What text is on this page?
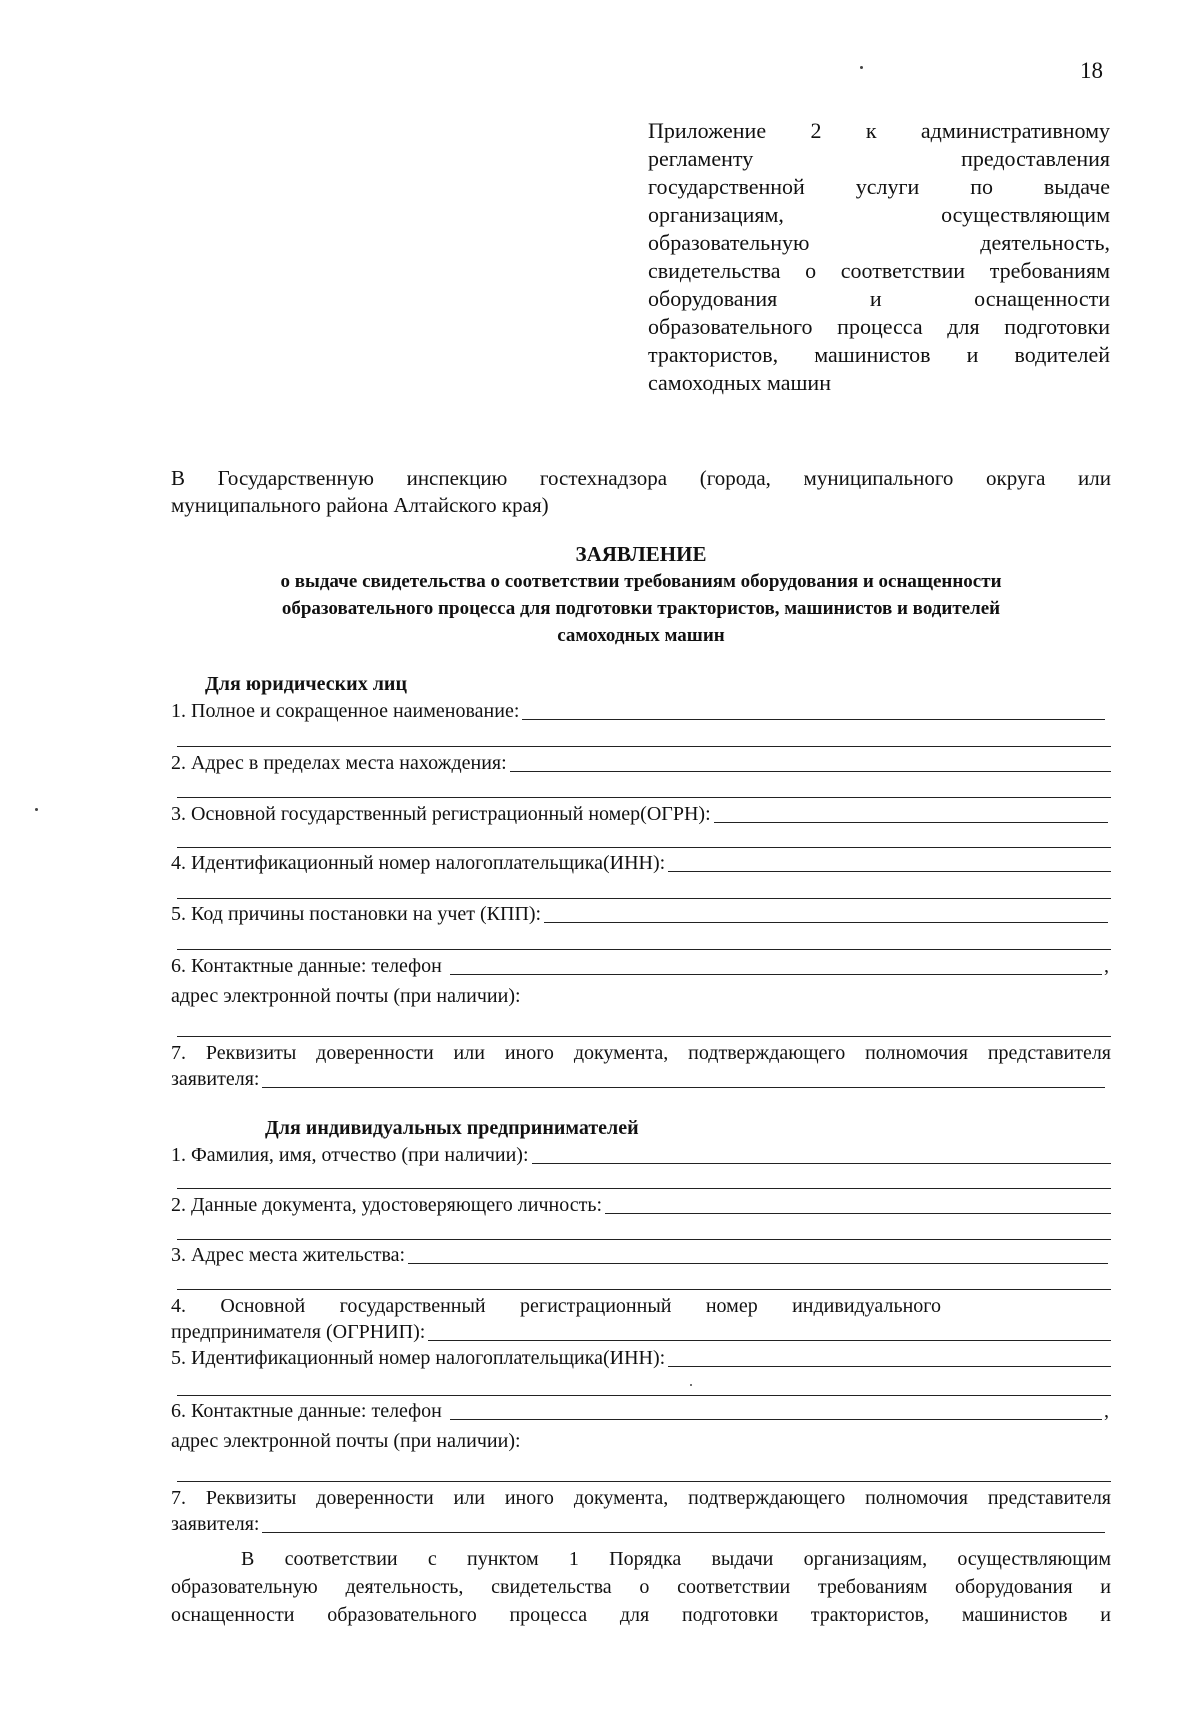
18
Приложение 2 к административному
регламенту предоставления
государственной услуги по выдаче
организациям, осуществляющим
образовательную деятельность,
свидетельства о соответствии требованиям
оборудования и оснащенности
образовательного процесса для подготовки
трактористов, машинистов и водителей
самоходных машин
В Государственную инспекцию гостехнадзора (города, муниципального округа или
муниципального района Алтайского края)
ЗАЯВЛЕНИЕ
о выдаче свидетельства о соответствии требованиям оборудования и оснащенности
образовательного процесса для подготовки трактористов, машинистов и водителей
самоходных машин
Для юридических лиц
1. Полное и сокращенное наименование:
2. Адрес в пределах места нахождения:
3. Основной государственный регистрационный номер(ОГРН):
4. Идентификационный номер налогоплательщика(ИНН):
5. Код причины постановки на учет (КПП):
6. Контактные данные: телефон	,
адрес электронной почты (при наличии):
7. Реквизиты доверенности или иного документа, подтверждающего полномочия представителя
заявителя:
Для индивидуальных предпринимателей
1. Фамилия, имя, отчество (при наличии):
2. Данные документа, удостоверяющего личность:
3. Адрес места жительства:
4. Основной государственный регистрационный номер индивидуального
предпринимателя (ОГРНИП):
5. Идентификационный номер налогоплательщика(ИНН):
6. Контактные данные: телефон	,
адрес электронной почты (при наличии):
7. Реквизиты доверенности или иного документа, подтверждающего полномочия представителя
заявителя:
В соответствии с пунктом 1 Порядка выдачи организациям, осуществляющим
образовательную деятельность, свидетельства о соответствии требованиям оборудования и
оснащенности образовательного процесса для подготовки трактористов, машинистов и
